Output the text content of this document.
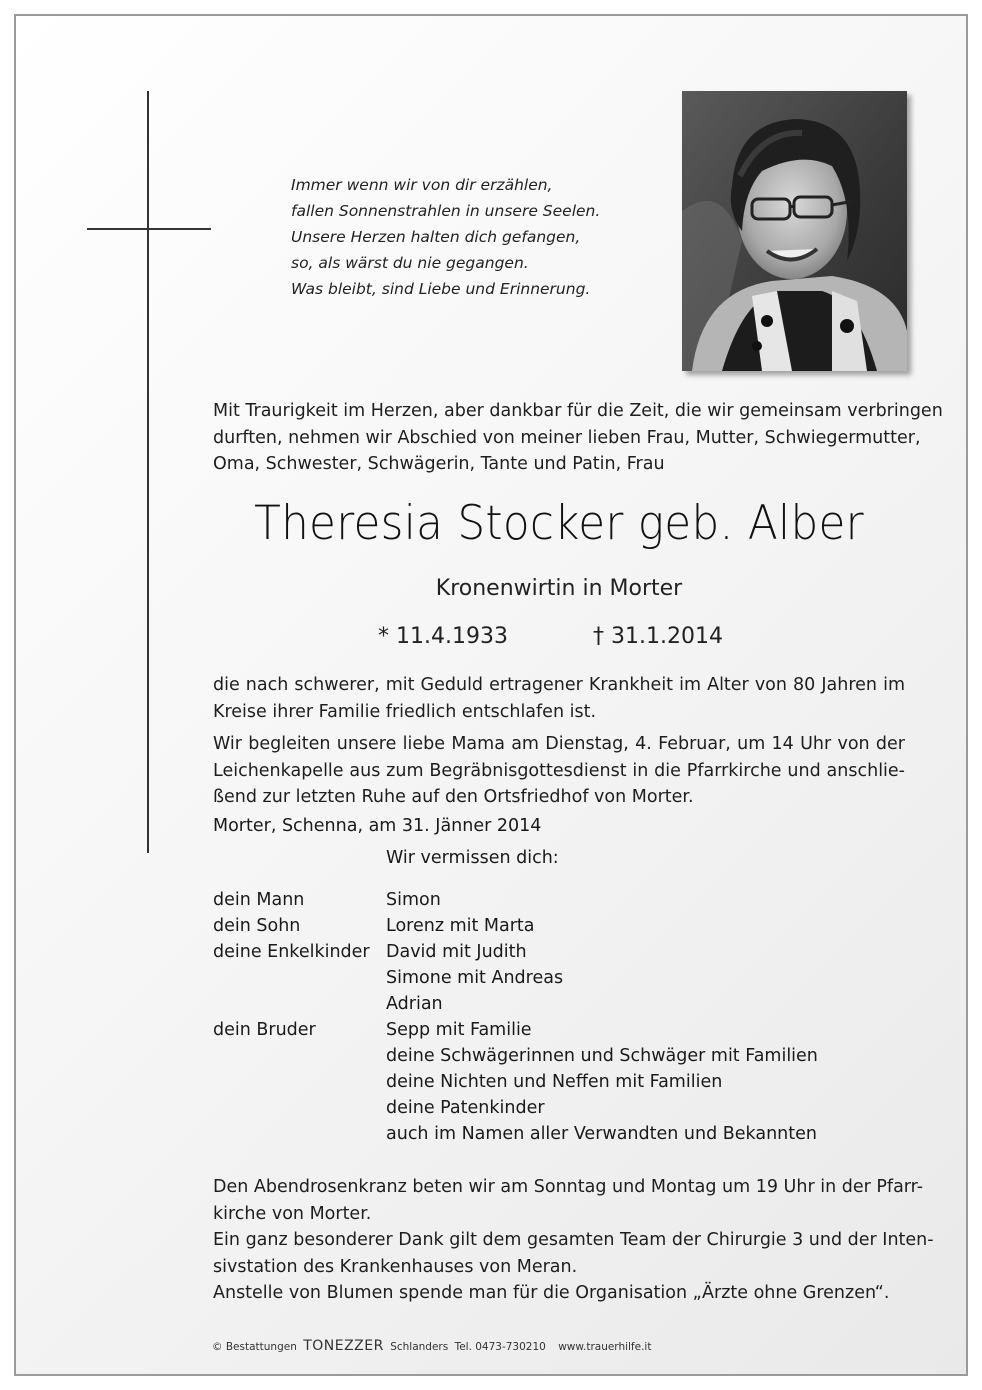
Immer wenn wir von dir erzählen,
fallen Sonnenstrahlen in unsere Seelen.
Unsere Herzen halten dich gefangen,
so, als wärst du nie gegangen.
Was bleibt, sind Liebe und Erinnerung.
Mit Traurigkeit im Herzen, aber dankbar für die Zeit, die wir gemeinsam verbringen
durften, nehmen wir Abschied von meiner lieben Frau, Mutter, Schwiegermutter,
Oma, Schwester, Schwägerin, Tante und Patin, Frau
Theresia Stocker geb. Alber
Kronenwirtin in Morter
* 11.4.1933	† 31.1.2014
die nach schwerer, mit Geduld ertragener Krankheit im Alter von 80 Jahren im
Kreise ihrer Familie friedlich entschlafen ist.
Wir begleiten unsere liebe Mama am Dienstag, 4. Februar, um 14 Uhr von der
Leichenkapelle aus zum Begräbnisgottesdienst in die Pfarrkirche und anschlie-
ßend zur letzten Ruhe auf den Ortsfriedhof von Morter.
Morter, Schenna, am 31. Jänner 2014
Wir vermissen dich:
dein Mann	Simon
dein Sohn	Lorenz mit Marta
deine Enkelkinder David mit Judith
Simone mit Andreas
Adrian
dein Bruder	Sepp mit Familie
deine Schwägerinnen und Schwäger mit Familien
deine Nichten und Neffen mit Familien
deine Patenkinder
auch im Namen aller Verwandten und Bekannten
Den Abendrosenkranz beten wir am Sonntag und Montag um 19 Uhr in der Pfarr-
kirche von Morter.
Ein ganz besonderer Dank gilt dem gesamten Team der Chirurgie 3 und der Inten-
sivstation des Krankenhauses von Meran.
Anstelle von Blumen spende man für die Organisation „Ärzte ohne Grenzen“.
© Bestattungen TONEZZER Schlanders Tel. 0473-730210 www.trauerhilfe.it
